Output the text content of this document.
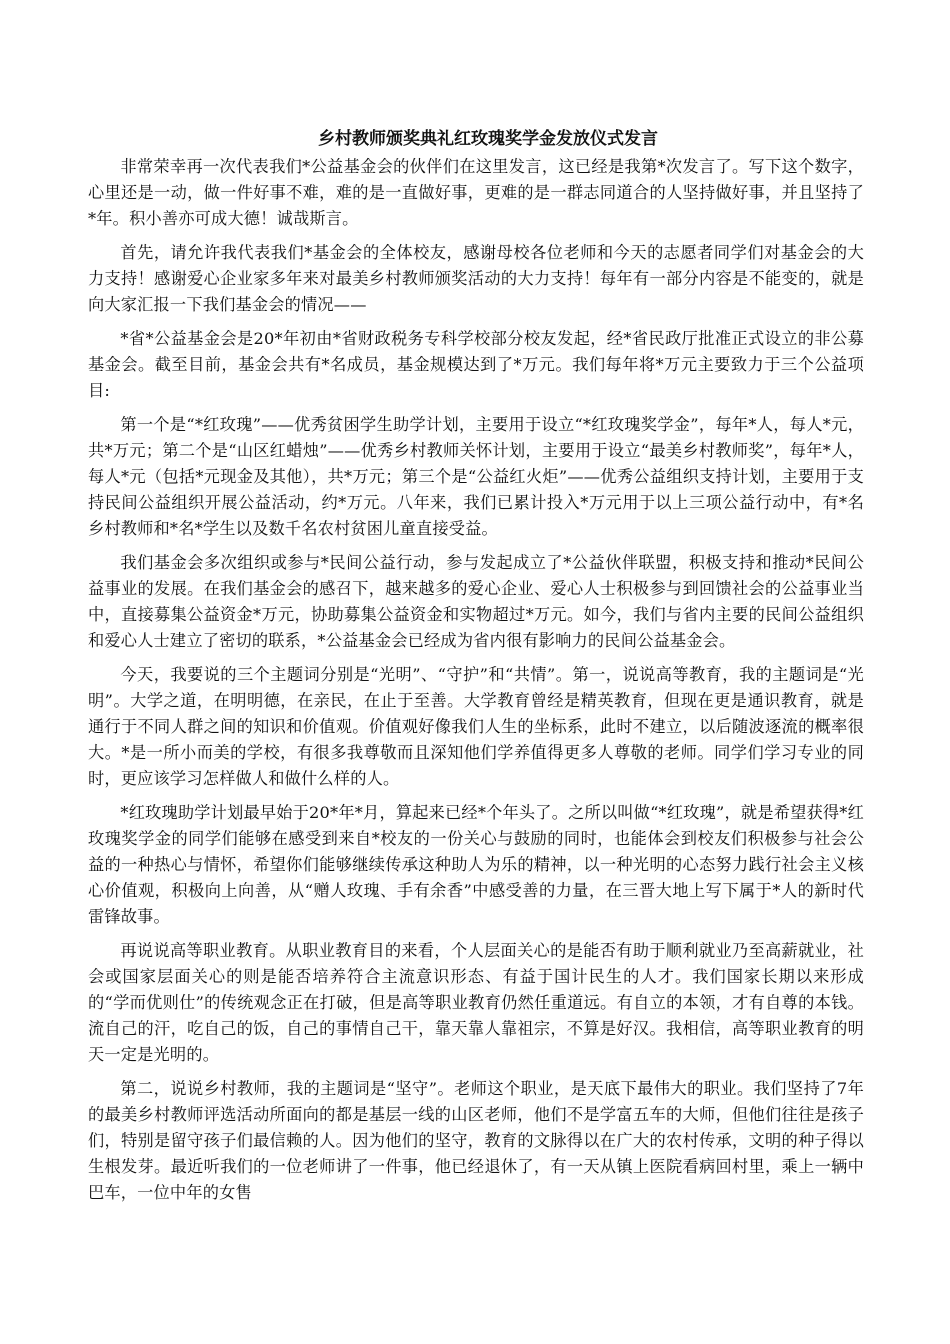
乡村教师颁奖典礼红玫瑰奖学金发放仪式发言

非常荣幸再一次代表我们*公益基金会的伙伴们在这里发言，这已经是我第*次发言了。写下这个数字，心里还是一动，做一件好事不难，难的是一直做好事，更难的是一群志同道合的人坚持做好事，并且坚持了*年。积小善亦可成大德！诚哉斯言。

首先，请允许我代表我们*基金会的全体校友，感谢母校各位老师和今天的志愿者同学们对基金会的大力支持！感谢爱心企业家多年来对最美乡村教师颁奖活动的大力支持！每年有一部分内容是不能变的，就是向大家汇报一下我们基金会的情况——

*省*公益基金会是20*年初由*省财政税务专科学校部分校友发起，经*省民政厅批准正式设立的非公募基金会。截至目前，基金会共有*名成员，基金规模达到了*万元。我们每年将*万元主要致力于三个公益项目:

第一个是“*红玫瑰”——优秀贫困学生助学计划，主要用于设立“*红玫瑰奖学金”，每年*人，每人*元，共*万元；第二个是“山区红蜡烛”——优秀乡村教师关怀计划，主要用于设立“最美乡村教师奖”，每年*人，每人*元（包括*元现金及其他），共*万元；第三个是“公益红火炬”——优秀公益组织支持计划，主要用于支持民间公益组织开展公益活动，约*万元。八年来，我们已累计投入*万元用于以上三项公益行动中，有*名乡村教师和*名*学生以及数千名农村贫困儿童直接受益。

我们基金会多次组织或参与*民间公益行动，参与发起成立了*公益伙伴联盟，积极支持和推动*民间公益事业的发展。在我们基金会的感召下，越来越多的爱心企业、爱心人士积极参与到回馈社会的公益事业当中，直接募集公益资金*万元，协助募集公益资金和实物超过*万元。如今，我们与省内主要的民间公益组织和爱心人士建立了密切的联系，*公益基金会已经成为省内很有影响力的民间公益基金会。

今天，我要说的三个主题词分别是“光明”、“守护”和“共情”。第一，说说高等教育，我的主题词是“光明”。大学之道，在明明德，在亲民，在止于至善。大学教育曾经是精英教育，但现在更是通识教育，就是通行于不同人群之间的知识和价值观。价值观好像我们人生的坐标系，此时不建立，以后随波逐流的概率很大。*是一所小而美的学校，有很多我尊敬而且深知他们学养值得更多人尊敬的老师。同学们学习专业的同时，更应该学习怎样做人和做什么样的人。

*红玫瑰助学计划最早始于20*年*月，算起来已经*个年头了。之所以叫做“*红玫瑰”，就是希望获得*红玫瑰奖学金的同学们能够在感受到来自*校友的一份关心与鼓励的同时，也能体会到校友们积极参与社会公益的一种热心与情怀，希望你们能够继续传承这种助人为乐的精神，以一种光明的心态努力践行社会主义核心价值观，积极向上向善，从“赠人玫瑰、手有余香”中感受善的力量，在三晋大地上写下属于*人的新时代雷锋故事。

再说说高等职业教育。从职业教育目的来看，个人层面关心的是能否有助于顺利就业乃至高薪就业，社会或国家层面关心的则是能否培养符合主流意识形态、有益于国计民生的人才。我们国家长期以来形成的“学而优则仕”的传统观念正在打破，但是高等职业教育仍然任重道远。有自立的本领，才有自尊的本钱。流自己的汗，吃自己的饭，自己的事情自己干，靠天靠人靠祖宗，不算是好汉。我相信，高等职业教育的明天一定是光明的。

第二，说说乡村教师，我的主题词是“坚守”。老师这个职业，是天底下最伟大的职业。我们坚持了7年的最美乡村教师评选活动所面向的都是基层一线的山区老师，他们不是学富五车的大师，但他们往往是孩子们，特别是留守孩子们最信赖的人。因为他们的坚守，教育的文脉得以在广大的农村传承，文明的种子得以生根发芽。最近听我们的一位老师讲了一件事，他已经退休了，有一天从镇上医院看病回村里，乘上一辆中巴车，一位中年的女售
